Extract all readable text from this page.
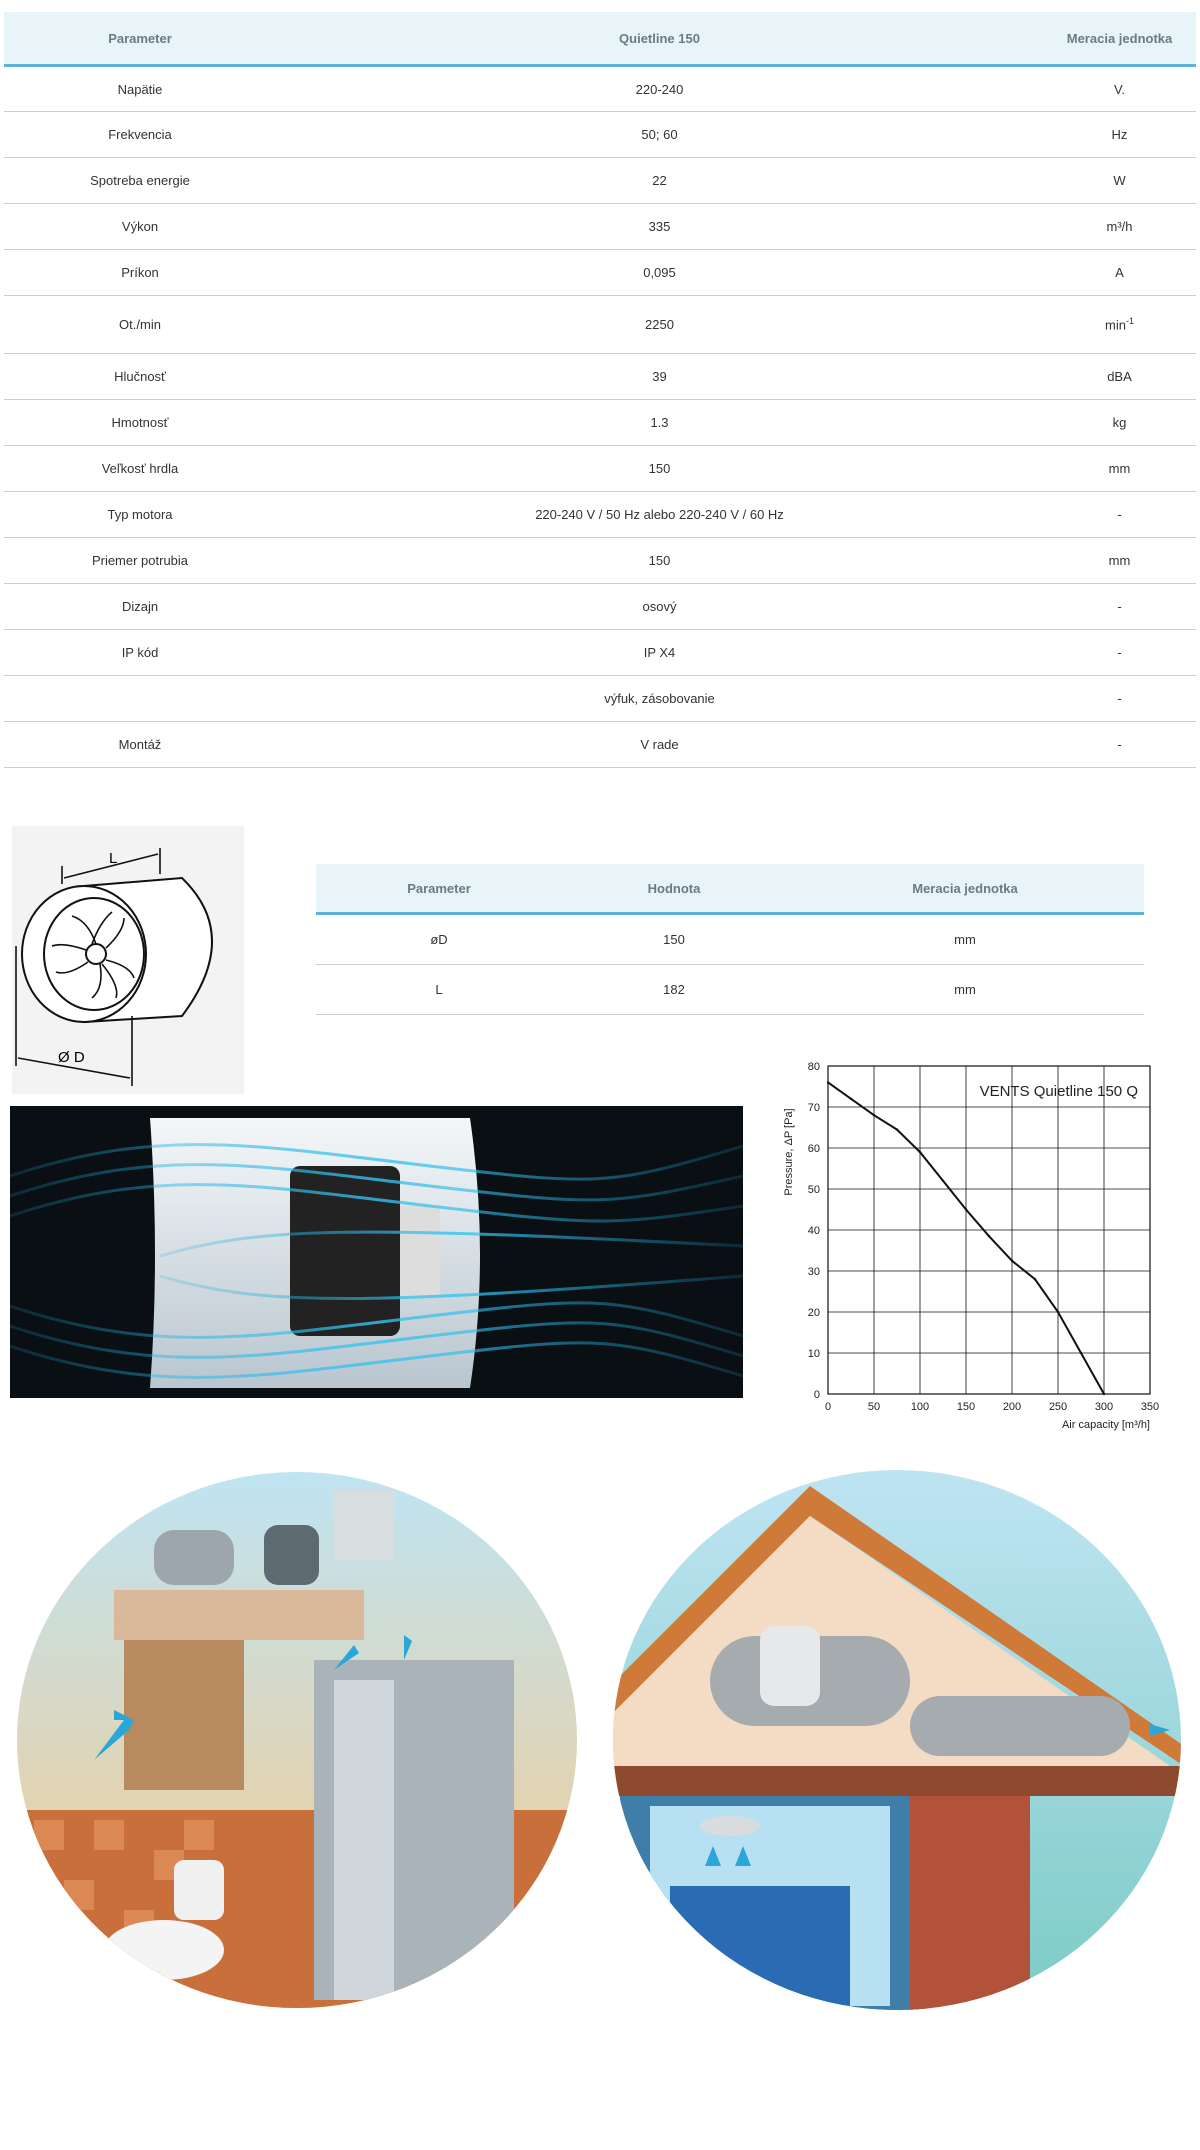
Parameter	Quietline 150	Meracia jednotka
Napätie	220-240	V.
Frekvencia	50; 60	Hz
Spotreba energie	22	W
Výkon	335	m³/h
Príkon	0,095	A
Ot./min	2250	$\min^{-1}$
Hlučnosť	39	dBA
Hmotnosť	1.3	kg
Veľkosť hrdla	150	mm
Typ motora	220-240 V / 50 Hz alebo 220-240 V / 60 Hz	-
Priemer potrubia	150	mm
Dizajn	osový	-
IP kód	IP X4	-
	výfuk, zásobovanie	-
Montáž	V rade	-
L
Ø D
Parameter	Hodnota	Meracia jednotka
øD	150	mm
L	182	mm
0	50	100	150	200	250	300	350
0
10
20
30
40
50
60
70
80
VENTS Quietline 150 Q
Air capacity [m³/h]
Pressure, ΔP [Pa]
